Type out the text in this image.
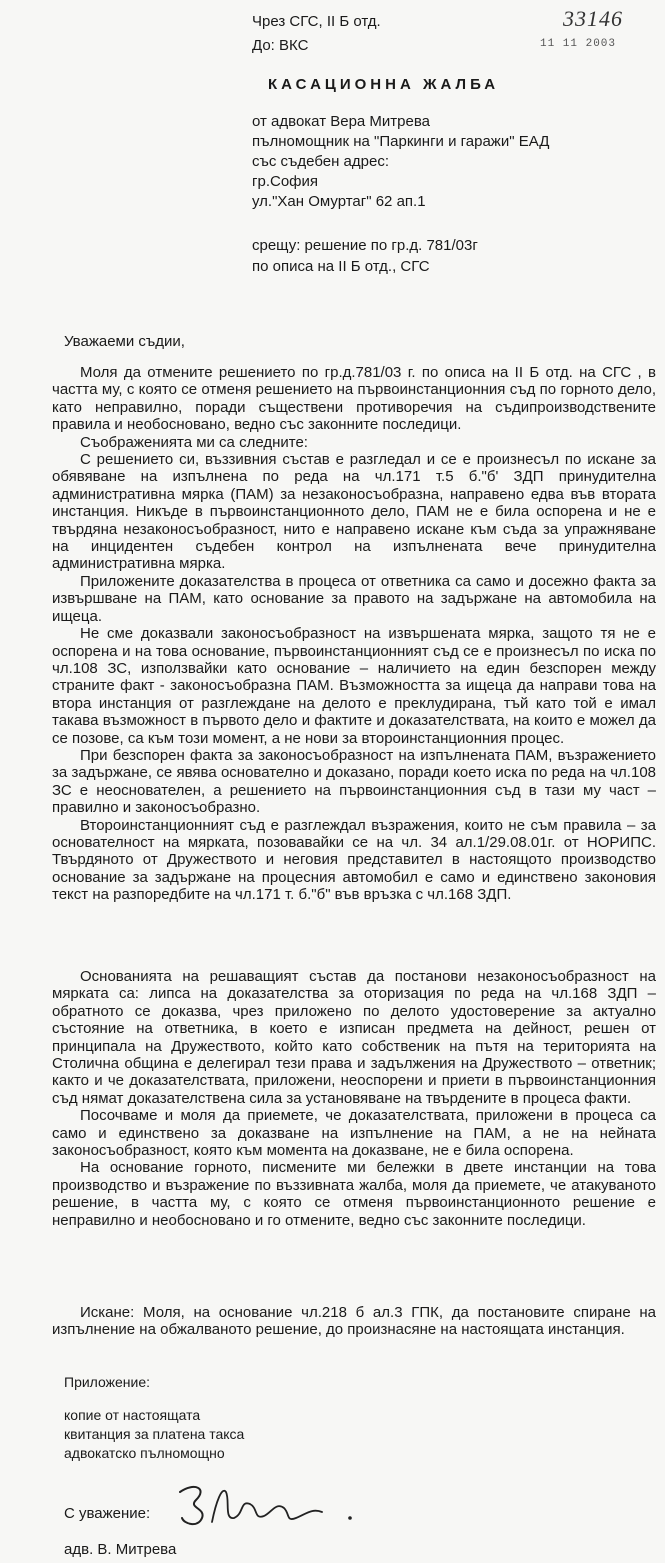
33146
11 11 2003
Чрез СГС, II Б отд.
До: ВКС
КАСАЦИОННА ЖАЛБА
от адвокат Вера Митрева
пълномощник на "Паркинги и гаражи" ЕАД
със съдебен адрес:
гр.София
ул."Хан Омуртаг" 62 ап.1
срещу: решение по гр.д. 781/03г
по описа на II Б отд., СГС
Уважаеми съдии,

Моля да отмените решението по гр.д.781/03 г. по описа на II Б отд. на СГС , в частта му, с която се отменя решението на първоинстанционния съд по горното дело, като неправилно, поради съществени противоречия на съдипроизводствените правила и необосновано, ведно със законните последици.

Съображенията ми са следните:

С решението си, въззивния състав е разгледал и се е произнесъл по искане за обявяване на изпълнена по реда на чл.171 т.5 б."б' ЗДП принудителна административна мярка (ПАМ) за незаконосъобразна, направено едва във втората инстанция. Никъде в първоинстанционното дело, ПАМ не е била оспорена и не е твърдяна незаконосъобразност, нито е направено искане към съда за упражняване на инцидентен съдебен контрол на изпълнената вече принудителна административна мярка.

Приложените доказателства в процеса от ответника са само и досежно факта за извършване на ПАМ, като основание за правото на задържане на автомобила на ищеца.

Не сме доказвали законосъобразност на извършената мярка, защото тя не е оспорена и на това основание, първоинстанционният съд се е произнесъл по иска по чл.108 ЗС, използвайки като основание – наличието на един безспорен между страните факт - законосъобразна ПАМ. Възможността за ищеца да направи това на втора инстанция от разглеждане на делото е преклудирана, тъй като той е имал такава възможност в първото дело и фактите и доказателствата, на които е можел да се позове, са към този момент, а не нови за второинстанционния процес.

При безспорен факта за законосъобразност на изпълнената ПАМ, възражението за задържане, се явява основателно и доказано, поради което иска по реда на чл.108 ЗС е неоснователен, а решението на първоинстанционния съд в тази му част – правилно и законосъобразно.

Второинстанционният съд е разглеждал възражения, които не съм правила – за основателност на мярката, позовавайки се на чл. 34 ал.1/29.08.01г. от НОРИПС. Твърдяното от Дружеството и неговия представител в настоящото производство основание за задържане на процесния автомобил е само и единствено законовия текст на разпоредбите на чл.171 т. б."б" във връзка с чл.168 ЗДП.

Основанията на решаващият състав да постанови незаконосъобразност на мярката са: липса на доказателства за оторизация по реда на чл.168 ЗДП – обратното се доказва, чрез приложено по делото удостоверение за актуално състояние на ответника, в което е изписан предмета на дейност, решен от принципала на Дружеството, който като собственик на пътя на територията на Столична община е делегирал тези права и задължения на Дружеството – ответник; както и че доказателствата, приложени, неоспорени и приети в първоинстанционния съд нямат доказателствена сила за установяване на твърдените в процеса факти.

Посочваме и моля да приемете, че доказателствата, приложени в процеса са само и единствено за доказване на изпълнение на ПАМ, а не на нейната законосъобразност, която към момента на доказване, не е била оспорена.

На основание горното, писмените ми бележки в двете инстанции на това производство и възражение по въззивната жалба, моля да приемете, че атакуваното решение, в частта му, с която се отменя първоинстанционното решение е неправилно и необосновано и го отмените, ведно със законните последици.

Искане: Моля, на основание чл.218 б ал.3 ГПК, да постановите спиране на изпълнение на обжалваното решение, до произнасяне на настоящата инстанция.

Приложение:
копие от настоящата
квитанция за платена такса
адвокатско пълномощно
С уважение:
адв. В. Митрева
